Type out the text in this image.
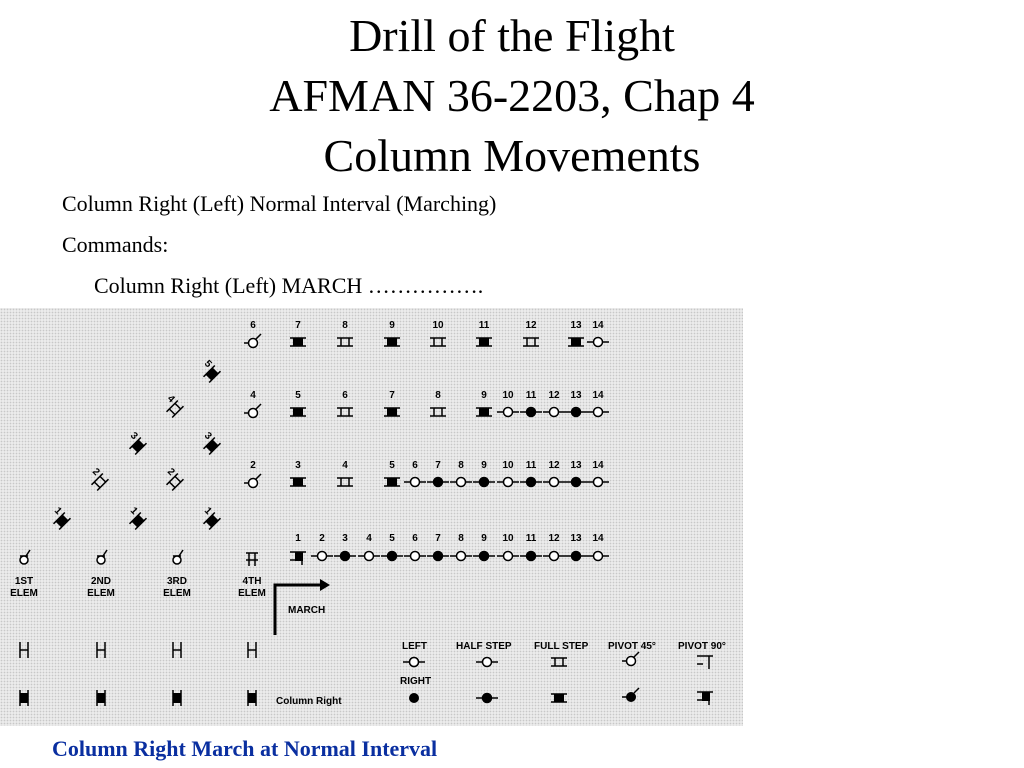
Drill of the Flight
AFMAN 36-2203, Chap 4
Column Movements
Column Right (Left) Normal Interval (Marching)
Commands:
Column Right (Left) MARCH …………….
6	7	8	9	10	11	12	13 14
4	5	6	7	8	9 10 11 12 13 14
2	3	4	5 6 7 8 9 10 11 12 13 14
1 2 3 4 5 6 7 8 9 10 11 12 13 14
5
4
3	3
2	2
1	1	1
1ST
ELEM
2ND
ELEM
3RD
ELEM
4TH
ELEM
MARCH
Column Right
LEFT
RIGHT
HALF STEP FULL STEP PIVOT 45° PIVOT 90°
Column Right March at Normal Interval
